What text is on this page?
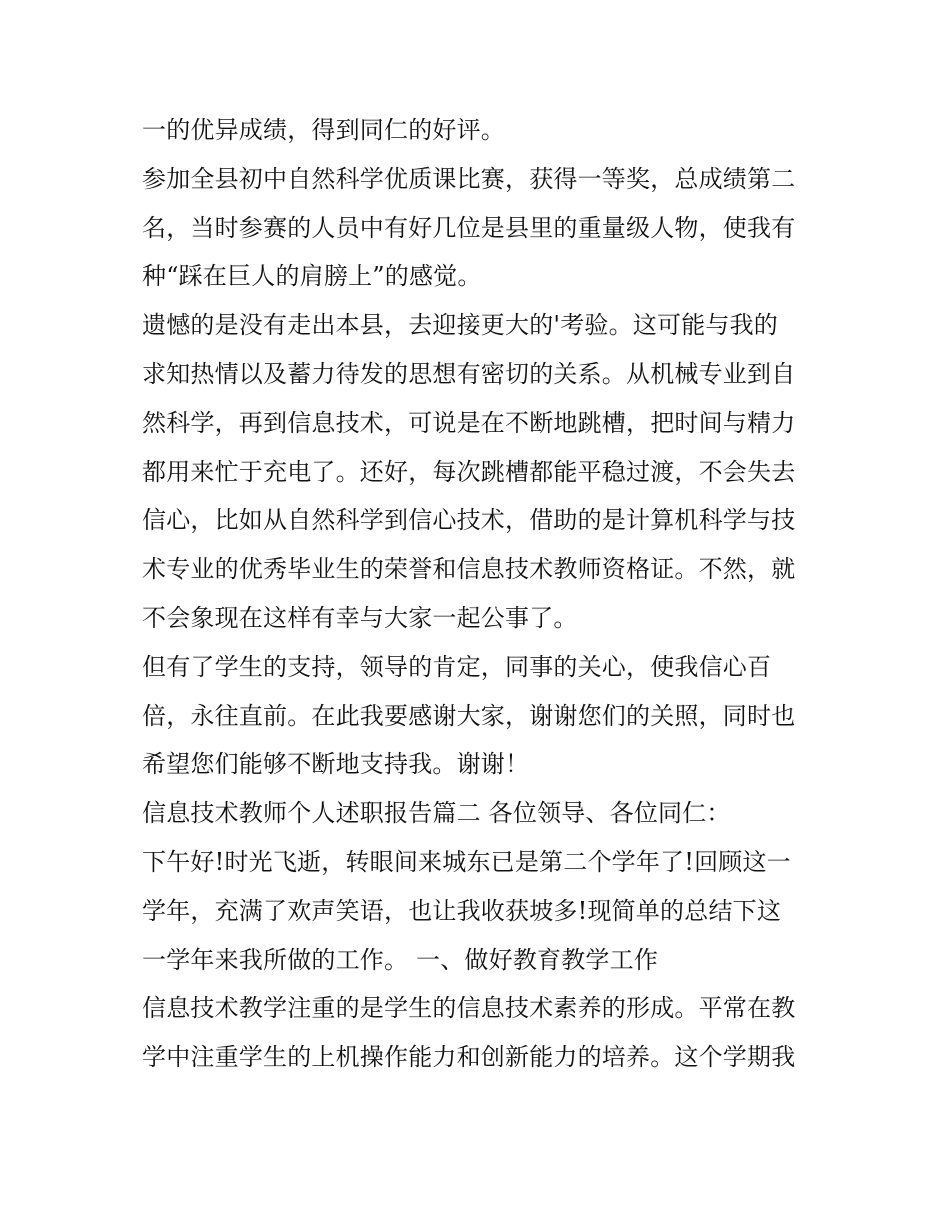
一的优异成绩，得到同仁的好评。
参加全县初中自然科学优质课比赛，获得一等奖，总成绩第二
名，当时参赛的人员中有好几位是县里的重量级人物，使我有
种“踩在巨人的肩膀上”的感觉。
遗憾的是没有走出本县，去迎接更大的'考验。这可能与我的
求知热情以及蓄力待发的思想有密切的关系。从机械专业到自
然科学，再到信息技术，可说是在不断地跳槽，把时间与精力
都用来忙于充电了。还好，每次跳槽都能平稳过渡，不会失去
信心，比如从自然科学到信心技术，借助的是计算机科学与技
术专业的优秀毕业生的荣誉和信息技术教师资格证。不然，就
不会象现在这样有幸与大家一起公事了。
但有了学生的支持，领导的肯定，同事的关心，使我信心百
倍，永往直前。在此我要感谢大家，谢谢您们的关照，同时也
希望您们能够不断地支持我。谢谢！
信息技术教师个人述职报告篇二 各位领导、各位同仁：
下午好!时光飞逝，转眼间来城东已是第二个学年了!回顾这一
学年，充满了欢声笑语，也让我收获坡多!现简单的总结下这
一学年来我所做的工作。 一、做好教育教学工作
信息技术教学注重的是学生的信息技术素养的形成。平常在教
学中注重学生的上机操作能力和创新能力的培养。这个学期我
